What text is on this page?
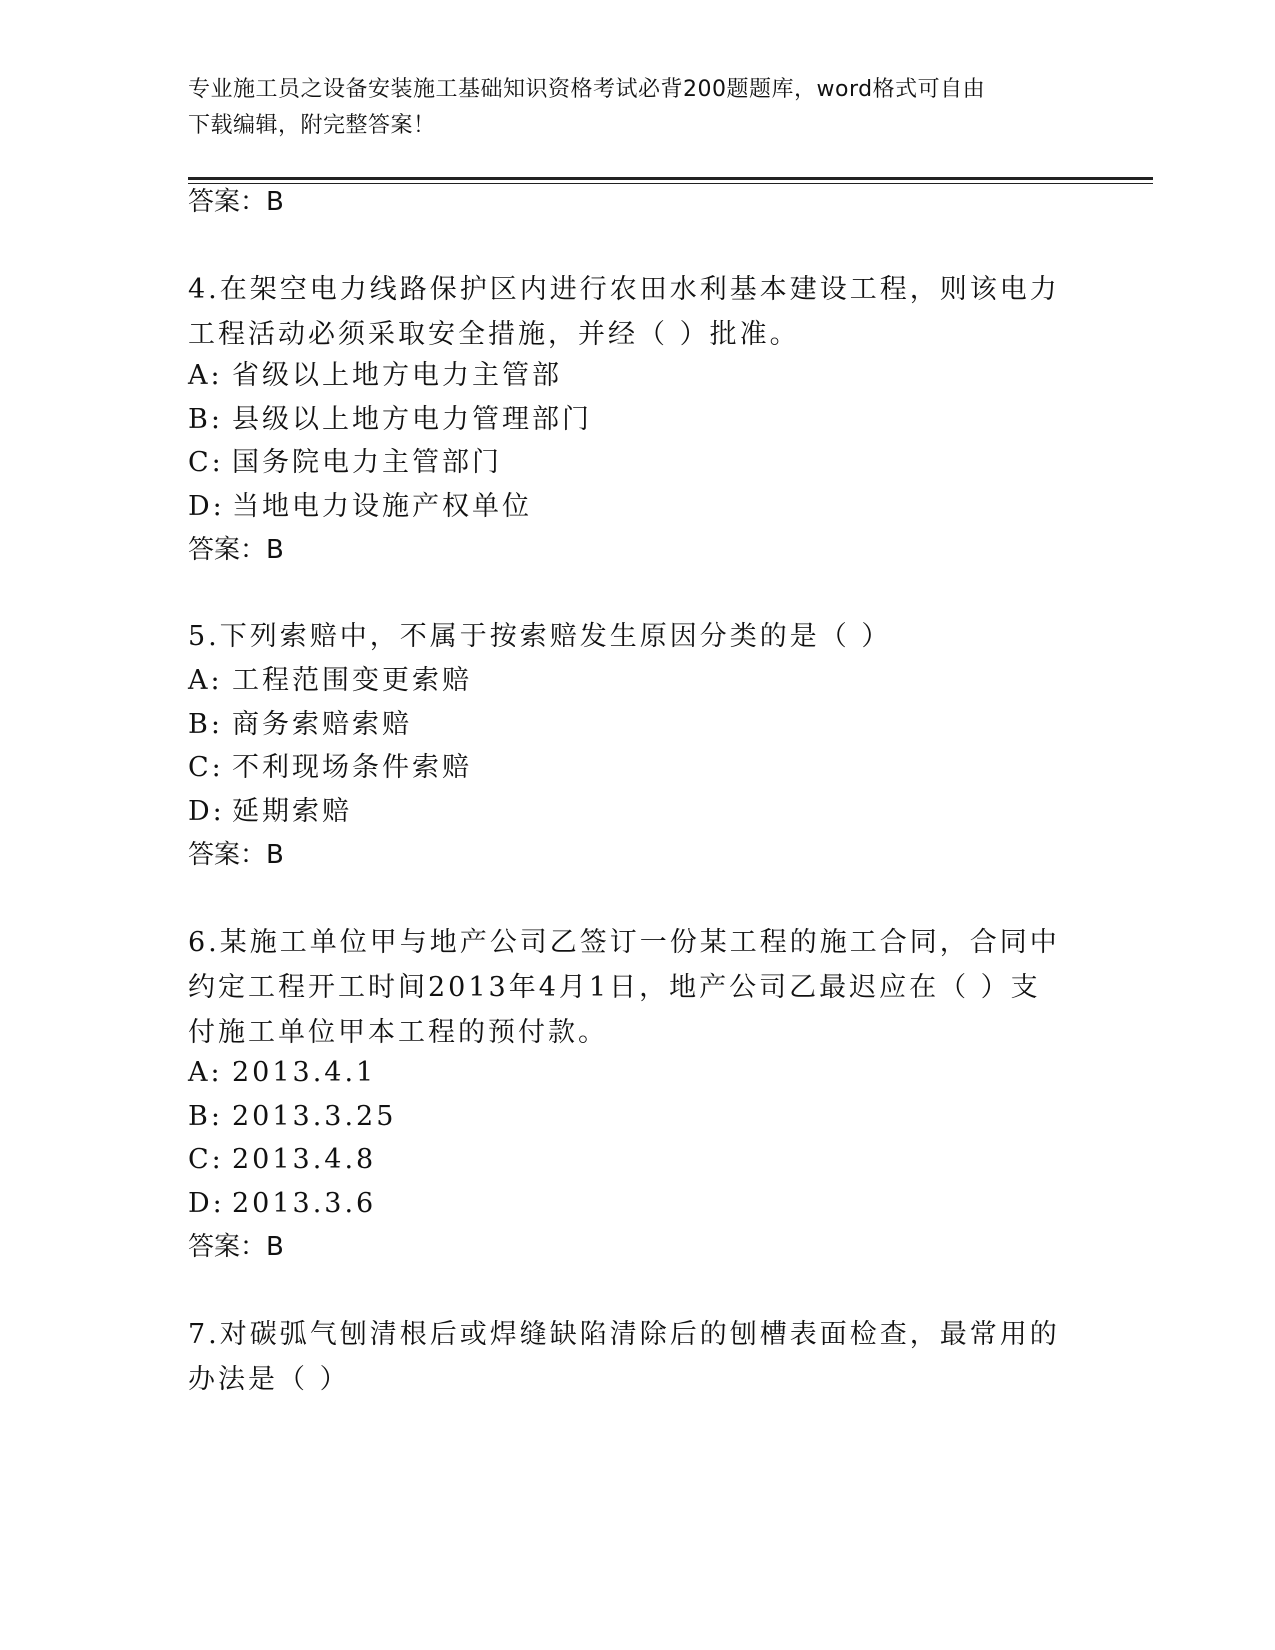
专业施工员之设备安装施工基础知识资格考试必背200题题库，word格式可自由
下载编辑，附完整答案！
答案：B
4.在架空电力线路保护区内进行农田水利基本建设工程，则该电力工程活动必须采取安全措施，并经（ ）批准。
A: 省级以上地方电力主管部
B: 县级以上地方电力管理部门
C: 国务院电力主管部门
D: 当地电力设施产权单位
答案：B
5.下列索赔中，不属于按索赔发生原因分类的是（ ）
A: 工程范围变更索赔
B: 商务索赔索赔
C: 不利现场条件索赔
D: 延期索赔
答案：B
6.某施工单位甲与地产公司乙签订一份某工程的施工合同，合同中约定工程开工时间2013年4月1日，地产公司乙最迟应在（ ）支付施工单位甲本工程的预付款。
A: 2013.4.1
B: 2013.3.25
C: 2013.4.8
D: 2013.3.6
答案：B
7.对碳弧气刨清根后或焊缝缺陷清除后的刨槽表面检查，最常用的办法是（ ）
